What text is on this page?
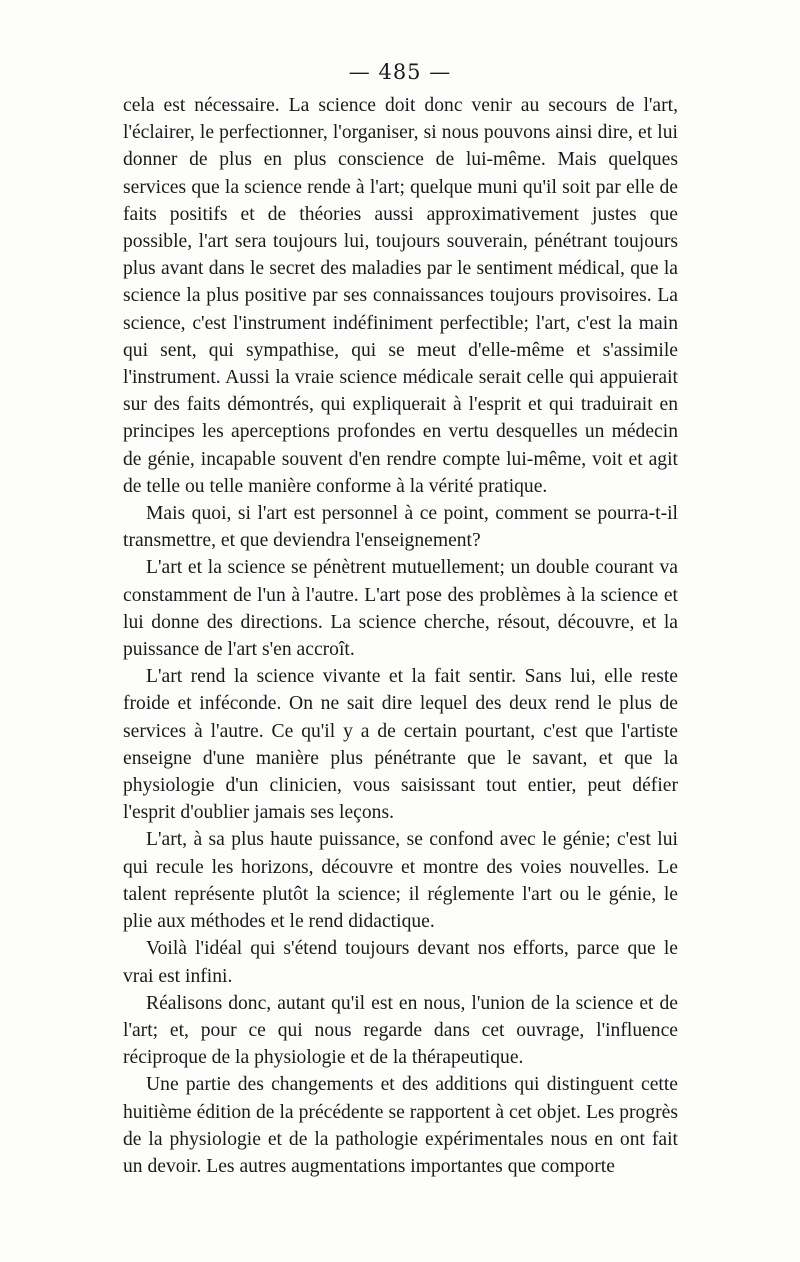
— 485 —

cela est nécessaire. La science doit donc venir au secours de l'art, l'éclairer, le perfectionner, l'organiser, si nous pouvons ainsi dire, et lui donner de plus en plus conscience de lui-même. Mais quelques services que la science rende à l'art; quelque muni qu'il soit par elle de faits positifs et de théories aussi approximativement justes que possible, l'art sera toujours lui, toujours souverain, pénétrant toujours plus avant dans le secret des maladies par le sentiment médical, que la science la plus positive par ses connaissances toujours provisoires. La science, c'est l'instrument indéfiniment perfectible; l'art, c'est la main qui sent, qui sympathise, qui se meut d'elle-même et s'assimile l'instrument. Aussi la vraie science médicale serait celle qui appuierait sur des faits démontrés, qui expliquerait à l'esprit et qui traduirait en principes les aperceptions profondes en vertu desquelles un médecin de génie, incapable souvent d'en rendre compte lui-même, voit et agit de telle ou telle manière conforme à la vérité pratique.

Mais quoi, si l'art est personnel à ce point, comment se pourra-t-il transmettre, et que deviendra l'enseignement?

L'art et la science se pénètrent mutuellement; un double courant va constamment de l'un à l'autre. L'art pose des problèmes à la science et lui donne des directions. La science cherche, résout, découvre, et la puissance de l'art s'en accroît.

L'art rend la science vivante et la fait sentir. Sans lui, elle reste froide et inféconde. On ne sait dire lequel des deux rend le plus de services à l'autre. Ce qu'il y a de certain pourtant, c'est que l'artiste enseigne d'une manière plus pénétrante que le savant, et que la physiologie d'un clinicien, vous saisissant tout entier, peut défier l'esprit d'oublier jamais ses leçons.

L'art, à sa plus haute puissance, se confond avec le génie; c'est lui qui recule les horizons, découvre et montre des voies nouvelles. Le talent représente plutôt la science; il réglemente l'art ou le génie, le plie aux méthodes et le rend didactique.

Voilà l'idéal qui s'étend toujours devant nos efforts, parce que le vrai est infini.

Réalisons donc, autant qu'il est en nous, l'union de la science et de l'art; et, pour ce qui nous regarde dans cet ouvrage, l'influence réciproque de la physiologie et de la thérapeutique.

Une partie des changements et des additions qui distinguent cette huitième édition de la précédente se rapportent à cet objet. Les progrès de la physiologie et de la pathologie expérimentales nous en ont fait un devoir. Les autres augmentations importantes que comporte
